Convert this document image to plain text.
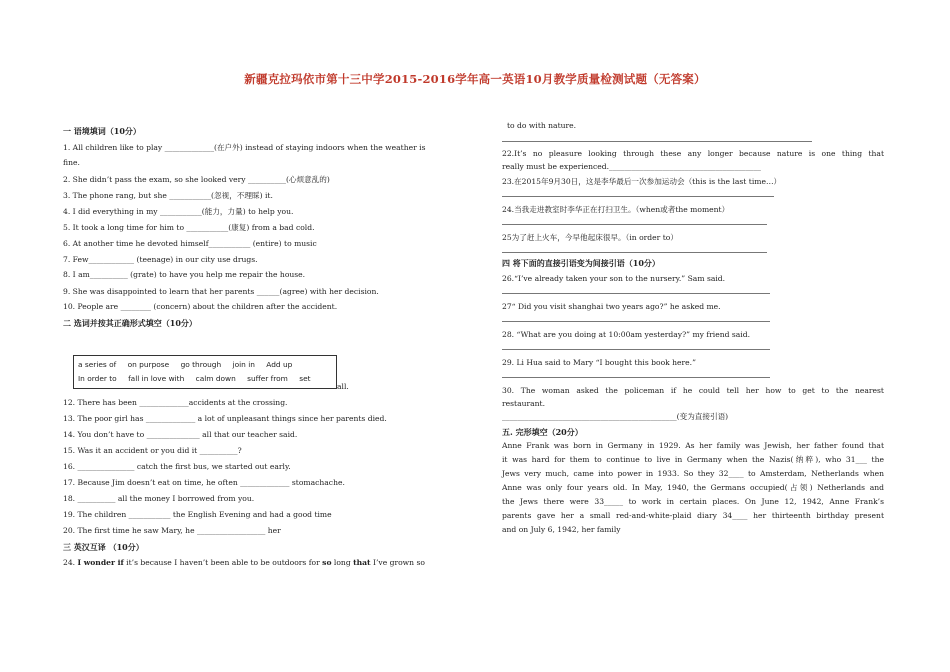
新疆克拉玛依市第十三中学2015-2016学年高一英语10月教学质量检测试题（无答案）
一 语境填词（10分）
1. All children like to play _____________(在户外) instead of staying indoors when the weather is
fine.
2. She didn’t pass the exam, so she looked very __________(心烦意乱的)
3. The phone rang, but she ___________(忽视，不理睬) it.
4. I did everything in my ___________(能力，力量) to help you.
5. It took a long time for him to ___________(康复) from a bad cold.
6. At another time he devoted himself___________ (entire) to music
7. Few____________ (teenage) in our city use drugs.
8. I am__________ (grate) to have you help me repair the house.
9. She was disappointed to learn that her parents ______(agree) with her decision.
10. People are ________ (concern) about the children after the accident.
二 选词并按其正确形式填空（10分）
all.
12. There has been _____________accidents at the crossing.
13. The poor girl has _____________ a lot of unpleasant things since her parents died.
14. You don’t have to ______________ all that our teacher said.
15. Was it an accident or you did it __________?
16. _______________ catch the first bus, we started out early.
17. Because Jim doesn’t eat on time, he often _____________ stomachache.
18. __________ all the money I borrowed from you.
19. The children ___________ the English Evening and had a good time
20. The first time he saw Mary, he __________________ her
三 英汉互译 （10分）
24. I wonder if it’s because I haven’t been able to be outdoors for so long that I’ve grown so
a series of on purpose go through join in Add up
In order to fall in love with calm down suffer from set
to do with nature.
22.It’s no pleasure looking through these any longer because nature is one thing that
really must be experienced.________________________________________
23.在2015年9月30日，这是李华最后一次参加运动会（this is the last time…）
24.当我走进教室时李华正在打扫卫生。（when或者the moment）
25为了赶上火车，今早他起床很早。（in order to）
四 将下面的直接引语变为间接引语（10分）
26.“I’ve already taken your son to the nursery.” Sam said.
27“ Did you visit shanghai two years ago?” he asked me.
28. “What are you doing at 10:00am yesterday?” my friend said.
29. Li Hua said to Mary “I bought this book here.”
30. The woman asked the policeman if he could tell her how to get to the nearest
restaurant.
______________________________________________(变为直接引语)
五. 完形填空（20分）
Anne Frank was born in Germany in 1929. As her family was Jewish, her father found that
it was hard for them to continue to live in Germany when the Nazis(纳粹), who 31___ the
Jews very much, came into power in 1933. So they 32____ to Amsterdam, Netherlands when
Anne was only four years old. In May, 1940, the Germans occupied(占领) Netherlands and
the Jews there were 33_____ to work in certain places. On June 12, 1942, Anne Frank’s
parents gave her a small red-and-white-plaid diary 34____ her thirteenth birthday present
and on July 6, 1942, her family
